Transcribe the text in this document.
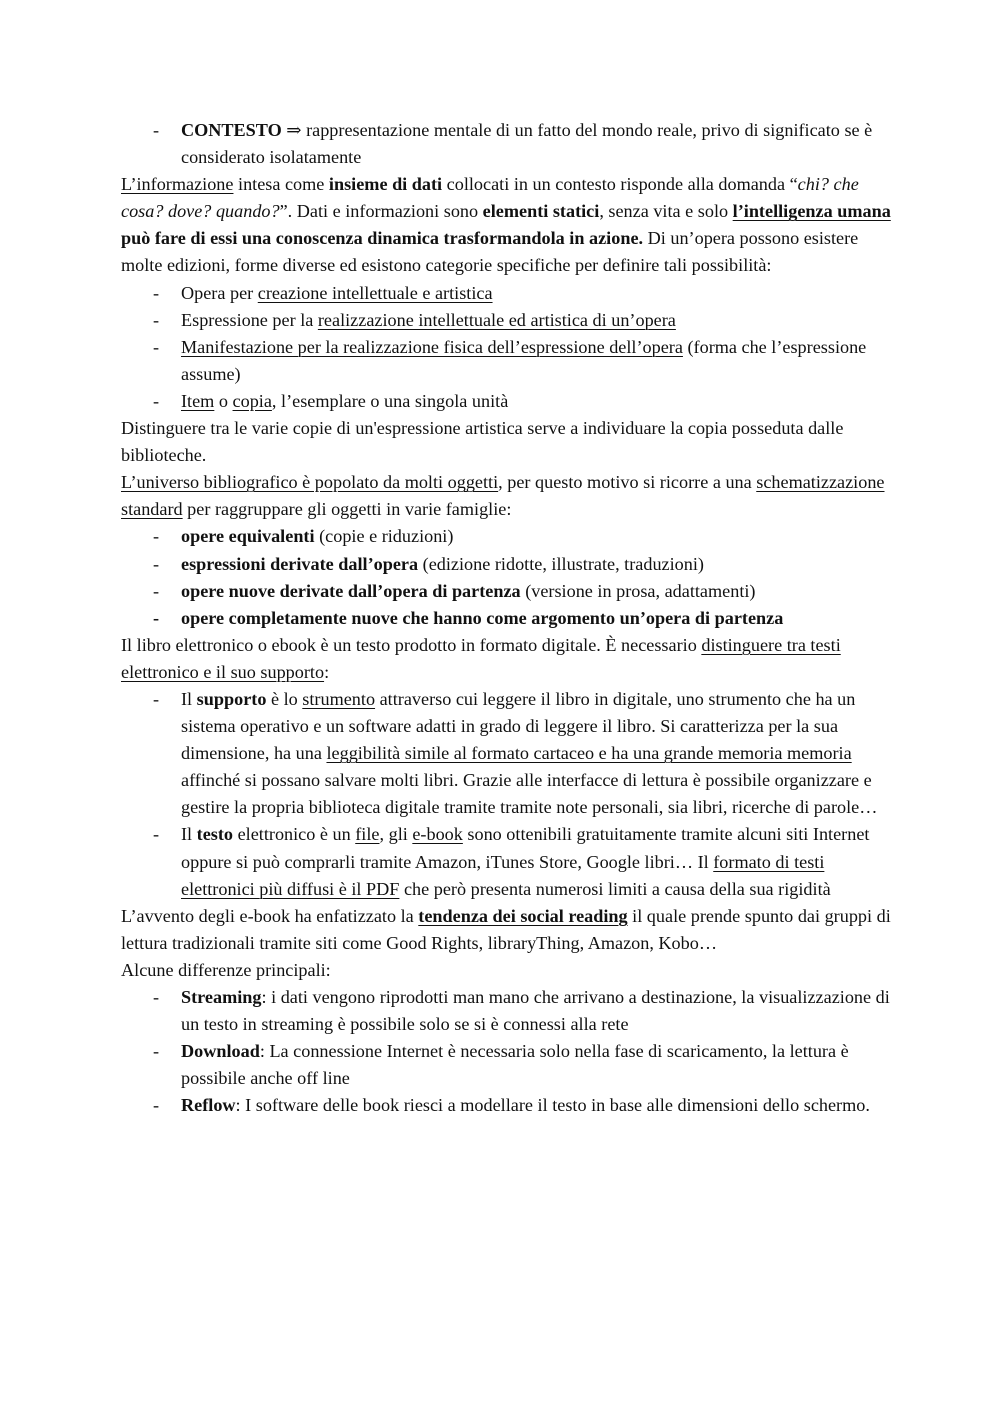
- CONTESTO ⇒ rappresentazione mentale di un fatto del mondo reale, privo di significato se è considerato isolatamente

L’informazione intesa come insieme di dati collocati in un contesto risponde alla domanda “chi? che cosa? dove? quando?”. Dati e informazioni sono elementi statici, senza vita e solo l’intelligenza umana può fare di essi una conoscenza dinamica trasformandola in azione. Di un’opera possono esistere molte edizioni, forme diverse ed esistono categorie specifiche per definire tali possibilità:

- Opera per creazione intellettuale e artistica
- Espressione per la realizzazione intellettuale ed artistica di un’opera
- Manifestazione per la realizzazione fisica dell’espressione dell’opera (forma che l’espressione assume)
- Item o copia, l’esemplare o una singola unità

Distinguere tra le varie copie di un'espressione artistica serve a individuare la copia posseduta dalle biblioteche.

L’universo bibliografico è popolato da molti oggetti, per questo motivo si ricorre a una schematizzazione standard per raggruppare gli oggetti in varie famiglie:

- opere equivalenti (copie e riduzioni)
- espressioni derivate dall’opera (edizione ridotte, illustrate, traduzioni)
- opere nuove derivate dall’opera di partenza (versione in prosa, adattamenti)
- opere completamente nuove che hanno come argomento un’opera di partenza

Il libro elettronico o ebook è un testo prodotto in formato digitale. È necessario distinguere tra testi elettronico e il suo supporto:

- Il supporto è lo strumento attraverso cui leggere il libro in digitale, uno strumento che ha un sistema operativo e un software adatti in grado di leggere il libro. Si caratterizza per la sua dimensione, ha una leggibilità simile al formato cartaceo e ha una grande memoria memoria affinché si possano salvare molti libri. Grazie alle interfacce di lettura è possibile organizzare e gestire la propria biblioteca digitale tramite tramite note personali, sia libri, ricerche di parole…
- Il testo elettronico è un file, gli e-book sono ottenibili gratuitamente tramite alcuni siti Internet oppure si può comprarli tramite Amazon, iTunes Store, Google libri… Il formato di testi elettronici più diffusi è il PDF che però presenta numerosi limiti a causa della sua rigidità

L’avvento degli e-book ha enfatizzato la tendenza dei social reading il quale prende spunto dai gruppi di lettura tradizionali tramite siti come Good Rights, libraryThing, Amazon, Kobo…

Alcune differenze principali:

- Streaming: i dati vengono riprodotti man mano che arrivano a destinazione, la visualizzazione di un testo in streaming è possibile solo se si è connessi alla rete
- Download: La connessione Internet è necessaria solo nella fase di scaricamento, la lettura è possibile anche off line
- Reflow: I software delle book riesci a modellare il testo in base alle dimensioni dello schermo.
